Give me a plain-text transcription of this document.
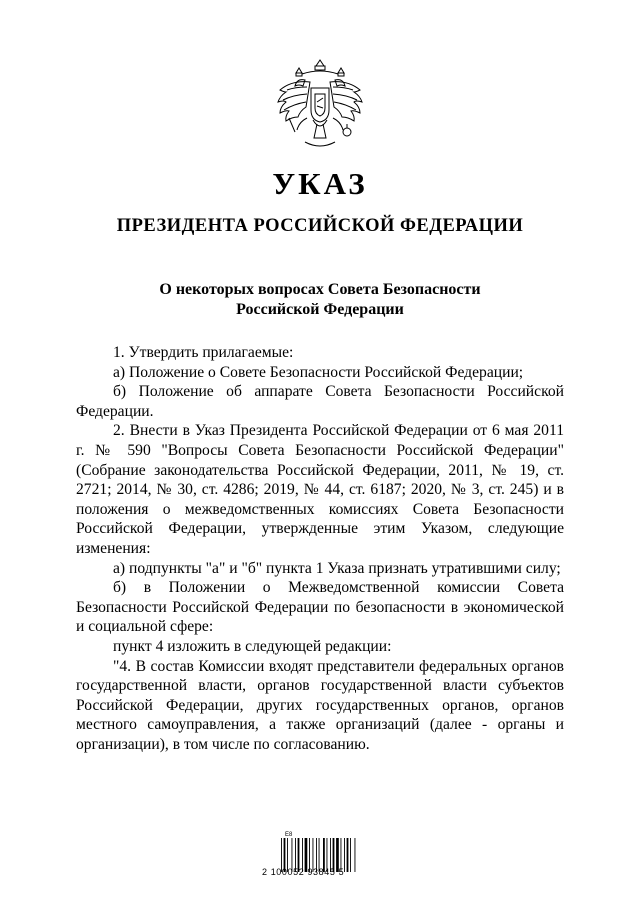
УКАЗ
ПРЕЗИДЕНТА РОССИЙСКОЙ ФЕДЕРАЦИИ
О некоторых вопросах Совета Безопасности
Российской Федерации

1. Утвердить прилагаемые:

а) Положение о Совете Безопасности Российской Федерации;

б) Положение об аппарате Совета Безопасности Российской Федерации.

2. Внести в Указ Президента Российской Федерации от 6 мая 2011 г. № 590 "Вопросы Совета Безопасности Российской Федерации" (Собрание законодательства Российской Федерации, 2011, № 19, ст. 2721; 2014, № 30, ст. 4286; 2019, № 44, ст. 6187; 2020, № 3, ст. 245) и в положения о межведомственных комиссиях Совета Безопасности Российской Федерации, утвержденные этим Указом, следующие изменения:

а) подпункты "а" и "б" пункта 1 Указа признать утратившими силу;

б) в Положении о Межведомственной комиссии Совета Безопасности Российской Федерации по безопасности в экономической и социальной сфере:

пункт 4 изложить в следующей редакции:

"4. В состав Комиссии входят представители федеральных органов государственной власти, органов государственной власти субъектов Российской Федерации, других государственных органов, органов местного самоуправления, а также организаций (далее - органы и организации), в том числе по согласованию.

Е8
2 100052 93845 5
